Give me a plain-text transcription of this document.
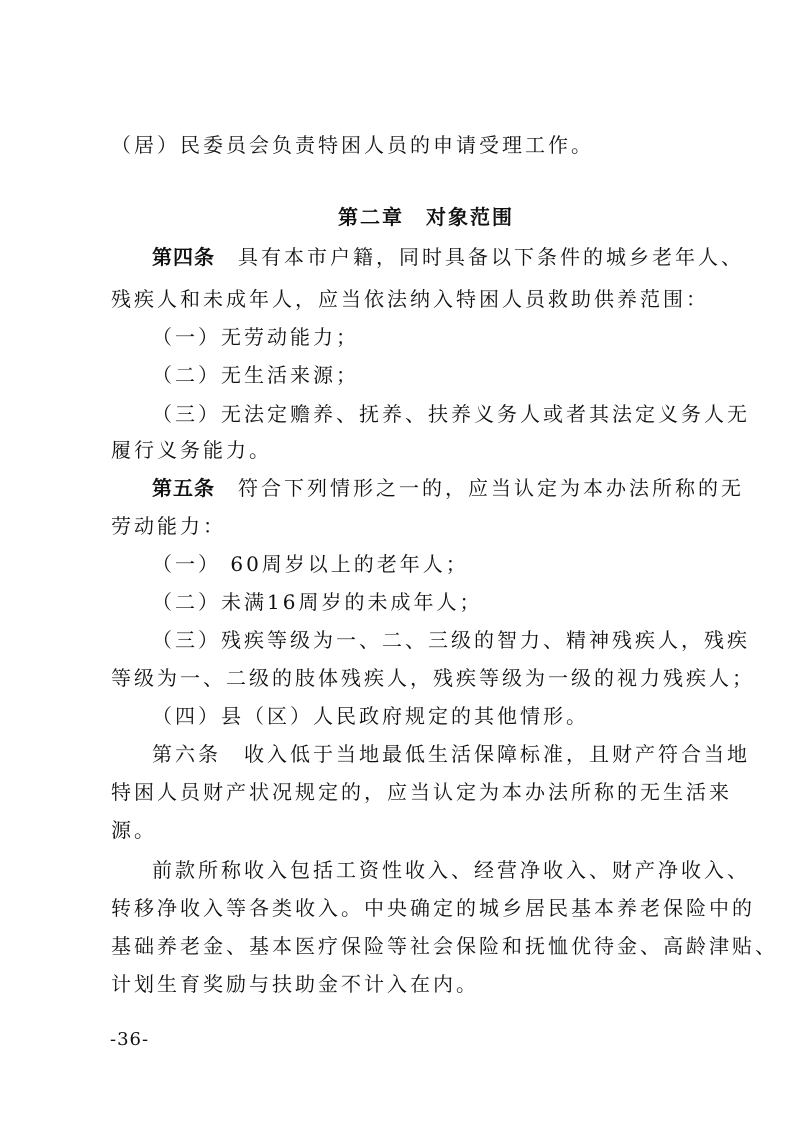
（居）民委员会负责特困人员的申请受理工作。
第二章　对象范围
第四条　具有本市户籍，同时具备以下条件的城乡老年人、
残疾人和未成年人，应当依法纳入特困人员救助供养范围：
（一）无劳动能力；
（二）无生活来源；
（三）无法定赡养、抚养、扶养义务人或者其法定义务人无
履行义务能力。
第五条　符合下列情形之一的，应当认定为本办法所称的无
劳动能力：
（一） 60周岁以上的老年人；
（二）未满16周岁的未成年人；
（三）残疾等级为一、二、三级的智力、精神残疾人，残疾
等级为一、二级的肢体残疾人，残疾等级为一级的视力残疾人；
（四）县（区）人民政府规定的其他情形。
第六条　收入低于当地最低生活保障标准，且财产符合当地
特困人员财产状况规定的，应当认定为本办法所称的无生活来
源。
前款所称收入包括工资性收入、经营净收入、财产净收入、
转移净收入等各类收入。中央确定的城乡居民基本养老保险中的
基础养老金、基本医疗保险等社会保险和抚恤优待金、高龄津贴、
计划生育奖励与扶助金不计入在内。
-36-
